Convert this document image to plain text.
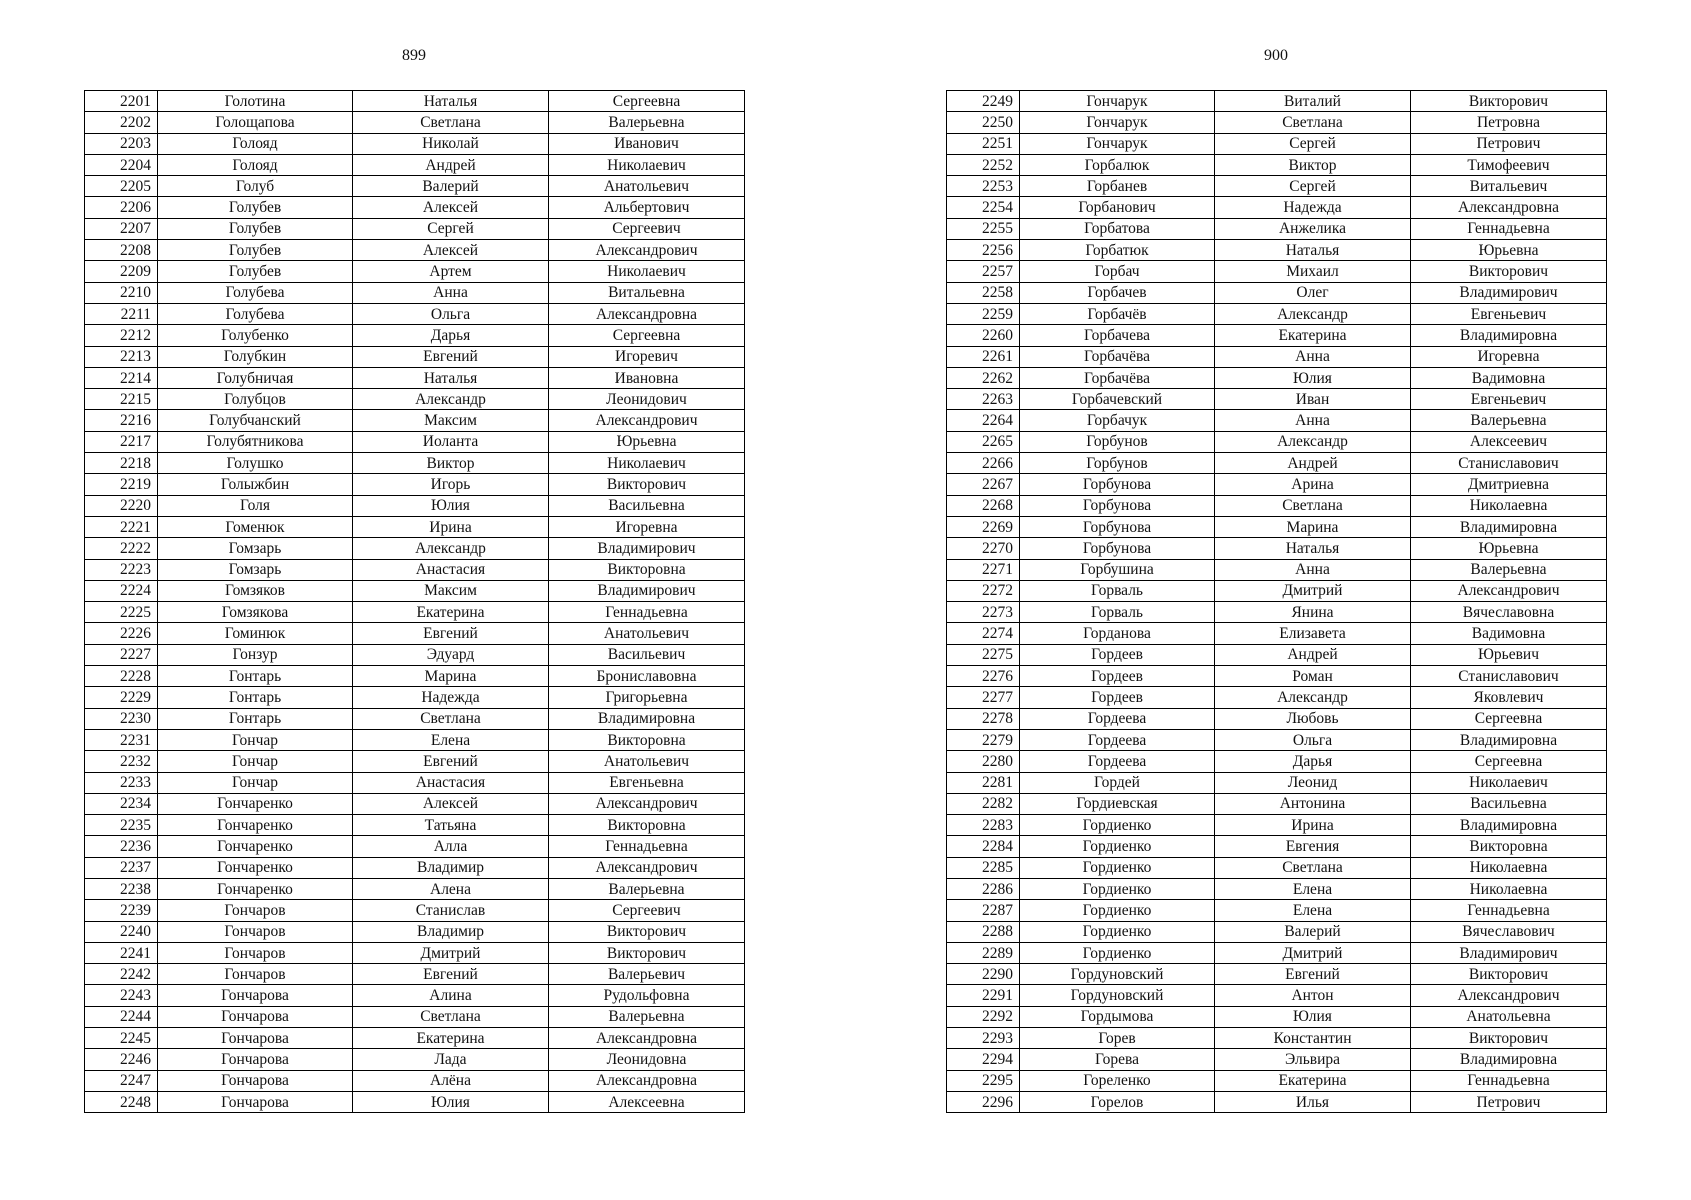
899
2201	Голотина	Наталья	Сергеевна
2202	Голощапова	Светлана	Валерьевна
2203	Голояд	Николай	Иванович
2204	Голояд	Андрей	Николаевич
2205	Голуб	Валерий	Анатольевич
2206	Голубев	Алексей	Альбертович
2207	Голубев	Сергей	Сергеевич
2208	Голубев	Алексей	Александрович
2209	Голубев	Артем	Николаевич
2210	Голубева	Анна	Витальевна
2211	Голубева	Ольга	Александровна
2212	Голубенко	Дарья	Сергеевна
2213	Голубкин	Евгений	Игоревич
2214	Голубничая	Наталья	Ивановна
2215	Голубцов	Александр	Леонидович
2216	Голубчанский	Максим	Александрович
2217	Голубятникова	Иоланта	Юрьевна
2218	Голушко	Виктор	Николаевич
2219	Голыжбин	Игорь	Викторович
2220	Голя	Юлия	Васильевна
2221	Гоменюк	Ирина	Игоревна
2222	Гомзарь	Александр	Владимирович
2223	Гомзарь	Анастасия	Викторовна
2224	Гомзяков	Максим	Владимирович
2225	Гомзякова	Екатерина	Геннадьевна
2226	Гоминюк	Евгений	Анатольевич
2227	Гонзур	Эдуард	Васильевич
2228	Гонтарь	Марина	Брониславовна
2229	Гонтарь	Надежда	Григорьевна
2230	Гонтарь	Светлана	Владимировна
2231	Гончар	Елена	Викторовна
2232	Гончар	Евгений	Анатольевич
2233	Гончар	Анастасия	Евгеньевна
2234	Гончаренко	Алексей	Александрович
2235	Гончаренко	Татьяна	Викторовна
2236	Гончаренко	Алла	Геннадьевна
2237	Гончаренко	Владимир	Александрович
2238	Гончаренко	Алена	Валерьевна
2239	Гончаров	Станислав	Сергеевич
2240	Гончаров	Владимир	Викторович
2241	Гончаров	Дмитрий	Викторович
2242	Гончаров	Евгений	Валерьевич
2243	Гончарова	Алина	Рудольфовна
2244	Гончарова	Светлана	Валерьевна
2245	Гончарова	Екатерина	Александровна
2246	Гончарова	Лада	Леонидовна
2247	Гончарова	Алёна	Александровна
2248	Гончарова	Юлия	Алексеевна
900
2249	Гончарук	Виталий	Викторович
2250	Гончарук	Светлана	Петровна
2251	Гончарук	Сергей	Петрович
2252	Горбалюк	Виктор	Тимофеевич
2253	Горбанев	Сергей	Витальевич
2254	Горбанович	Надежда	Александровна
2255	Горбатова	Анжелика	Геннадьевна
2256	Горбатюк	Наталья	Юрьевна
2257	Горбач	Михаил	Викторович
2258	Горбачев	Олег	Владимирович
2259	Горбачёв	Александр	Евгеньевич
2260	Горбачева	Екатерина	Владимировна
2261	Горбачёва	Анна	Игоревна
2262	Горбачёва	Юлия	Вадимовна
2263	Горбачевский	Иван	Евгеньевич
2264	Горбачук	Анна	Валерьевна
2265	Горбунов	Александр	Алексеевич
2266	Горбунов	Андрей	Станиславович
2267	Горбунова	Арина	Дмитриевна
2268	Горбунова	Светлана	Николаевна
2269	Горбунова	Марина	Владимировна
2270	Горбунова	Наталья	Юрьевна
2271	Горбушина	Анна	Валерьевна
2272	Горваль	Дмитрий	Александрович
2273	Горваль	Янина	Вячеславовна
2274	Горданова	Елизавета	Вадимовна
2275	Гордеев	Андрей	Юрьевич
2276	Гордеев	Роман	Станиславович
2277	Гордеев	Александр	Яковлевич
2278	Гордеева	Любовь	Сергеевна
2279	Гордеева	Ольга	Владимировна
2280	Гордеева	Дарья	Сергеевна
2281	Гордей	Леонид	Николаевич
2282	Гордиевская	Антонина	Васильевна
2283	Гордиенко	Ирина	Владимировна
2284	Гордиенко	Евгения	Викторовна
2285	Гордиенко	Светлана	Николаевна
2286	Гордиенко	Елена	Николаевна
2287	Гордиенко	Елена	Геннадьевна
2288	Гордиенко	Валерий	Вячеславович
2289	Гордиенко	Дмитрий	Владимирович
2290	Гордуновский	Евгений	Викторович
2291	Гордуновский	Антон	Александрович
2292	Гордымова	Юлия	Анатольевна
2293	Горев	Константин	Викторович
2294	Горева	Эльвира	Владимировна
2295	Гореленко	Екатерина	Геннадьевна
2296	Горелов	Илья	Петрович
